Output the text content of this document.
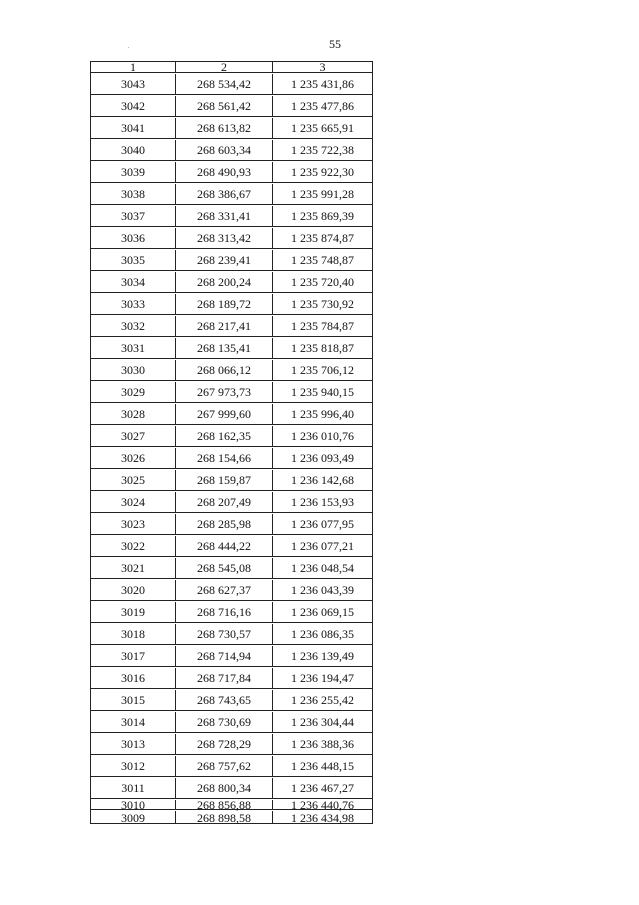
55
1	2	3
3043	268 534,42	1 235 431,86
3042	268 561,42	1 235 477,86
3041	268 613,82	1 235 665,91
3040	268 603,34	1 235 722,38
3039	268 490,93	1 235 922,30
3038	268 386,67	1 235 991,28
3037	268 331,41	1 235 869,39
3036	268 313,42	1 235 874,87
3035	268 239,41	1 235 748,87
3034	268 200,24	1 235 720,40
3033	268 189,72	1 235 730,92
3032	268 217,41	1 235 784,87
3031	268 135,41	1 235 818,87
3030	268 066,12	1 235 706,12
3029	267 973,73	1 235 940,15
3028	267 999,60	1 235 996,40
3027	268 162,35	1 236 010,76
3026	268 154,66	1 236 093,49
3025	268 159,87	1 236 142,68
3024	268 207,49	1 236 153,93
3023	268 285,98	1 236 077,95
3022	268 444,22	1 236 077,21
3021	268 545,08	1 236 048,54
3020	268 627,37	1 236 043,39
3019	268 716,16	1 236 069,15
3018	268 730,57	1 236 086,35
3017	268 714,94	1 236 139,49
3016	268 717,84	1 236 194,47
3015	268 743,65	1 236 255,42
3014	268 730,69	1 236 304,44
3013	268 728,29	1 236 388,36
3012	268 757,62	1 236 448,15
3011	268 800,34	1 236 467,27
3010	268 856,88	1 236 440,76
3009	268 898,58	1 236 434,98
